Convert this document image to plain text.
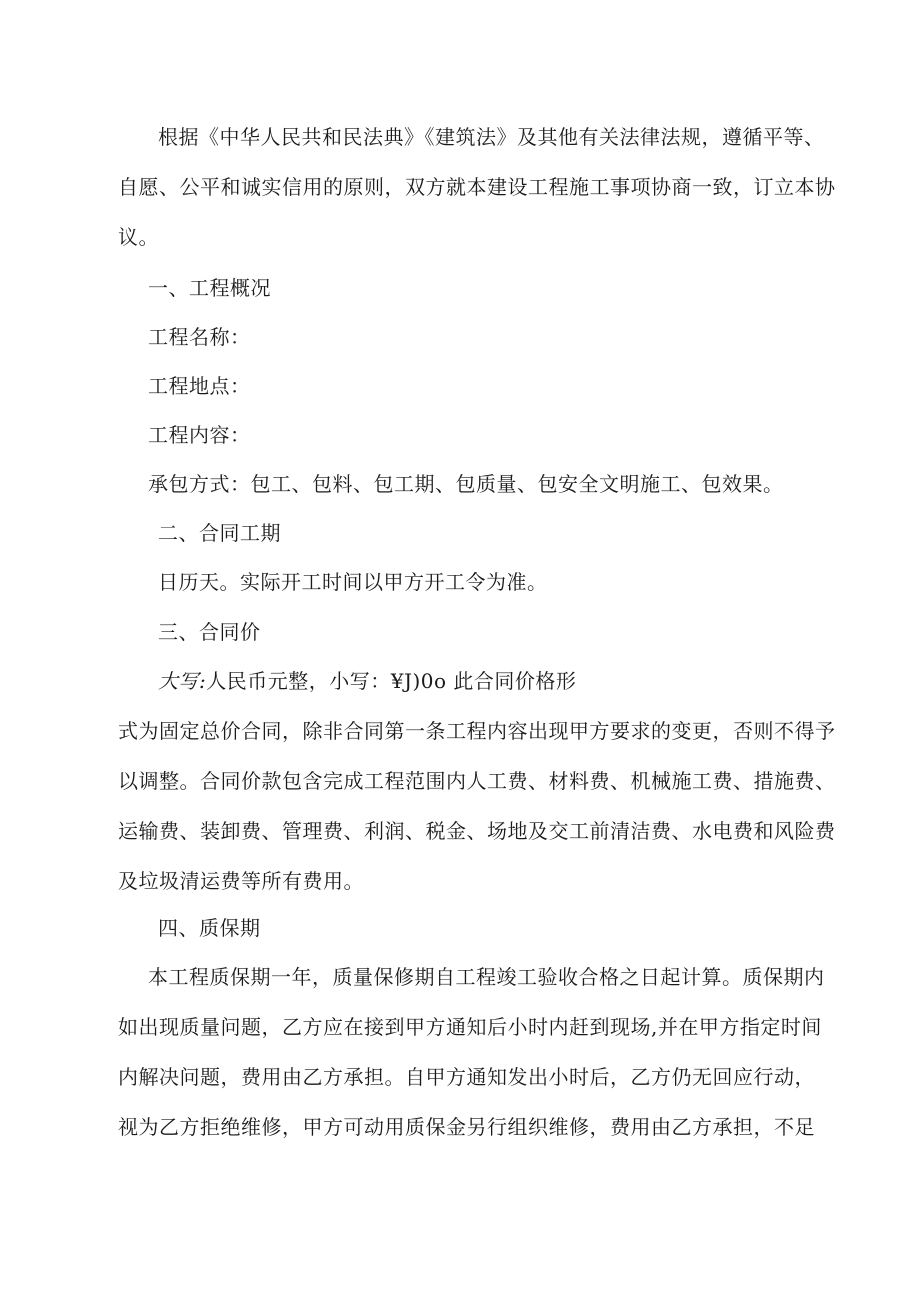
根据《中华人民共和民法典》《建筑法》及其他有关法律法规，遵循平等、
自愿、公平和诚实信用的原则，双方就本建设工程施工事项协商一致，订立本协
议。
一、工程概况
工程名称：
工程地点：
工程内容：
承包方式：包工、包料、包工期、包质量、包安全文明施工、包效果。
二、合同工期
日历天。实际开工时间以甲方开工令为准。
三、合同价
大写:人民币元整，小写：¥J)0o 此合同价格形
式为固定总价合同，除非合同第一条工程内容出现甲方要求的变更，否则不得予
以调整。合同价款包含完成工程范围内人工费、材料费、机械施工费、措施费、
运输费、装卸费、管理费、利润、税金、场地及交工前清洁费、水电费和风险费
及垃圾清运费等所有费用。
四、质保期
本工程质保期一年，质量保修期自工程竣工验收合格之日起计算。质保期内
如出现质量问题，乙方应在接到甲方通知后小时内赶到现场,并在甲方指定时间
内解决问题，费用由乙方承担。自甲方通知发出小时后，乙方仍无回应行动，
视为乙方拒绝维修，甲方可动用质保金另行组织维修，费用由乙方承担，不足
